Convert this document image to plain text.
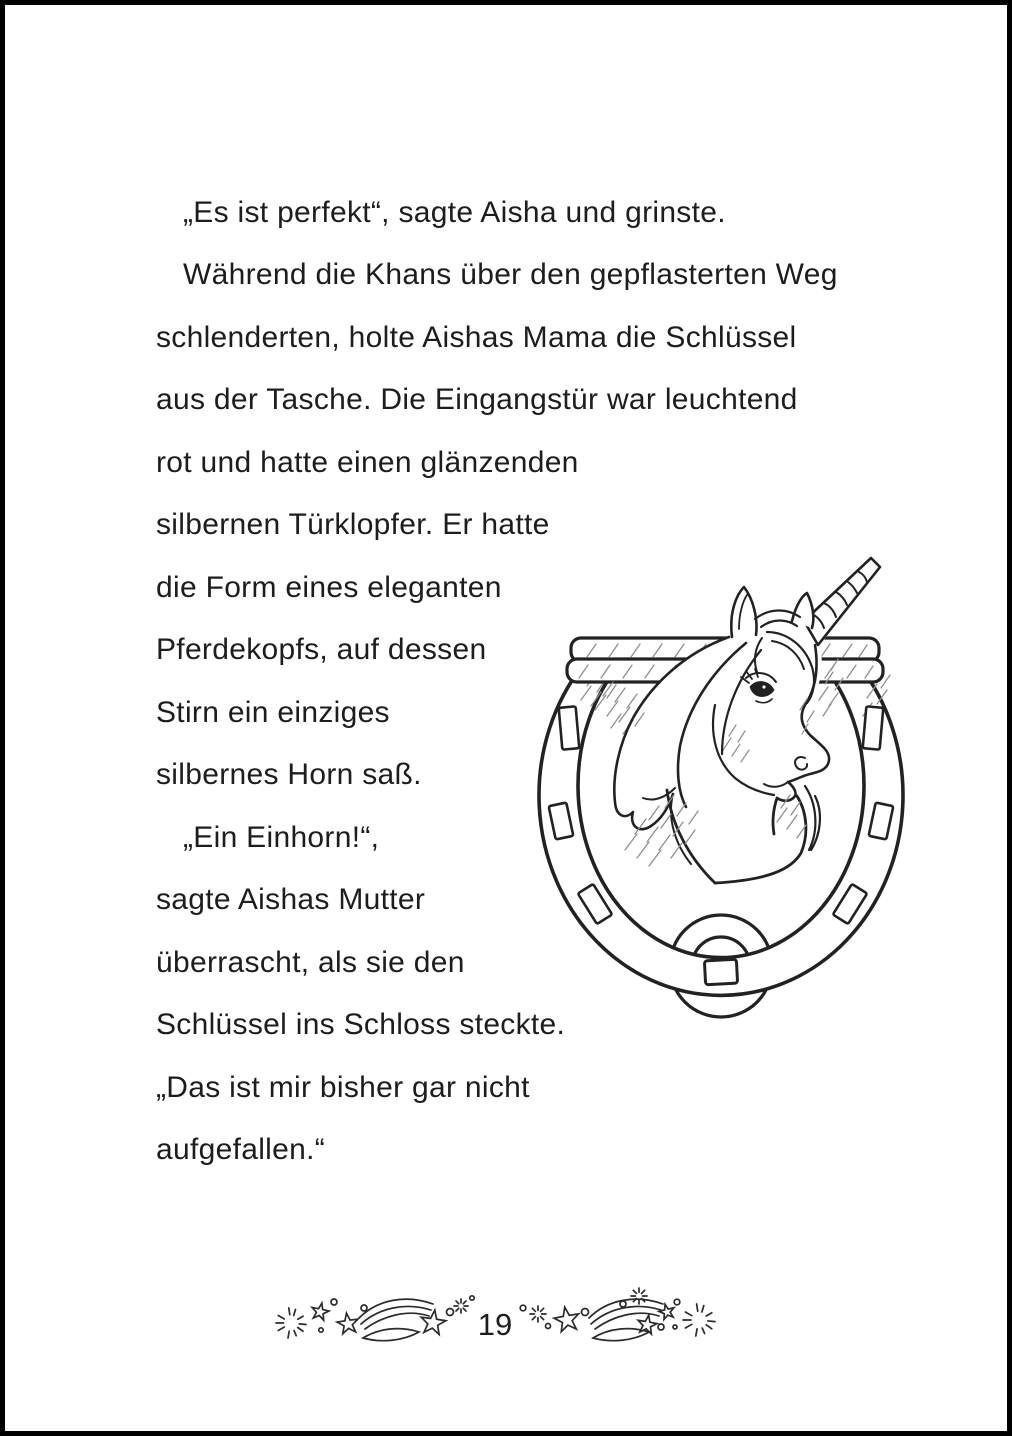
„Es ist perfekt“, sagte Aisha und grinste.
Während die Khans über den gepflasterten Weg
schlenderten, holte Aishas Mama die Schlüssel
aus der Tasche. Die Eingangstür war leuchtend
rot und hatte einen glänzenden
silbernen Türklopfer. Er hatte
die Form eines eleganten
Pferdekopfs, auf dessen
Stirn ein einziges
silbernes Horn saß.
„Ein Einhorn!“,
sagte Aishas Mutter
überrascht, als sie den
Schlüssel ins Schloss steckte.
„Das ist mir bisher gar nicht
aufgefallen.“
19
